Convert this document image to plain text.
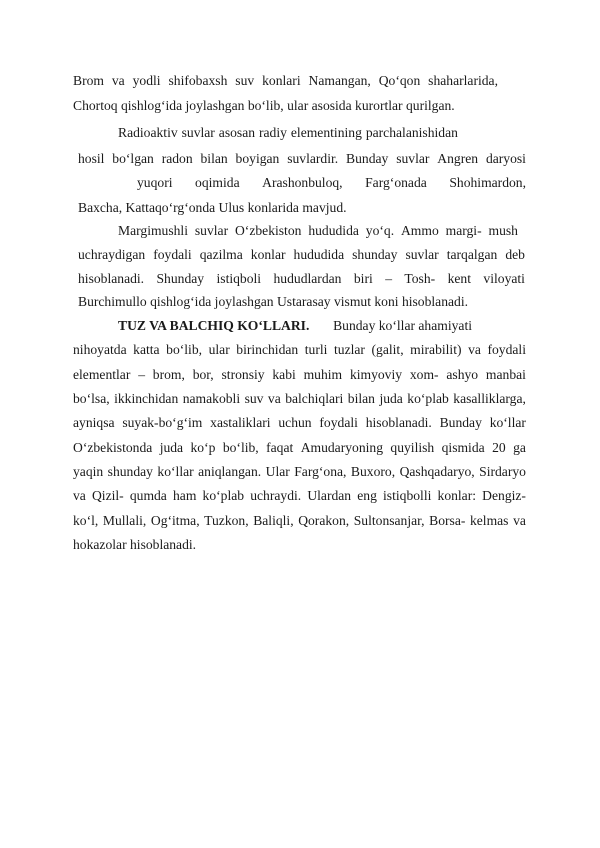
Brom va yodli shifobaxsh suv konlari Namangan, Qo‘qon shaharlarida,
Chortoq qishlog‘ida joylashgan bo‘lib, ular asosida kurortlar qurilgan.
Radioaktiv suvlar asosan radiy elementining parchalanishidan
hosil bo‘lgan radon bilan boyigan suvlardir. Bunday suvlar Angren daryosi
yuqori oqimida Arashonbuloq, Farg‘onada Shohimardon,
Baxcha, Kattaqo‘rg‘onda Ulus konlarida mavjud.
Margimushli suvlar O‘zbekiston hududida yo‘q. Ammo margi- mush
uchraydigan foydali qazilma konlar hududida shunday suvlar tarqalgan deb
hisoblanadi. Shunday istiqboli hududlardan biri – Tosh- kent viloyati
Burchimullo qishlog‘ida joylashgan Ustarasay vismut koni hisoblanadi.
TUZ VA BALCHIQ KO‘LLARI. Bunday ko‘llar ahamiyati
nihoyatda katta bo‘lib, ular birinchidan turli tuzlar (galit, mirabilit) va foydali
elementlar – brom, bor, stronsiy kabi muhim kimyoviy xom- ashyo manbai
bo‘lsa, ikkinchidan namakobli suv va balchiqlari bilan juda ko‘plab kasalliklarga,
ayniqsa suyak-bo‘g‘im xastaliklari uchun foydali hisoblanadi. Bunday ko‘llar
O‘zbekistonda juda ko‘p bo‘lib, faqat Amudaryoning quyilish qismida 20 ga
yaqin shunday ko‘llar aniqlangan. Ular Farg‘ona, Buxoro, Qashqadaryo, Sirdaryo
va Qizil- qumda ham ko‘plab uchraydi. Ulardan eng istiqbolli konlar: Dengiz-
ko‘l, Mullali, Og‘itma, Tuzkon, Baliqli, Qorakon, Sultonsanjar, Borsa- kelmas va
hokazolar hisoblanadi.
